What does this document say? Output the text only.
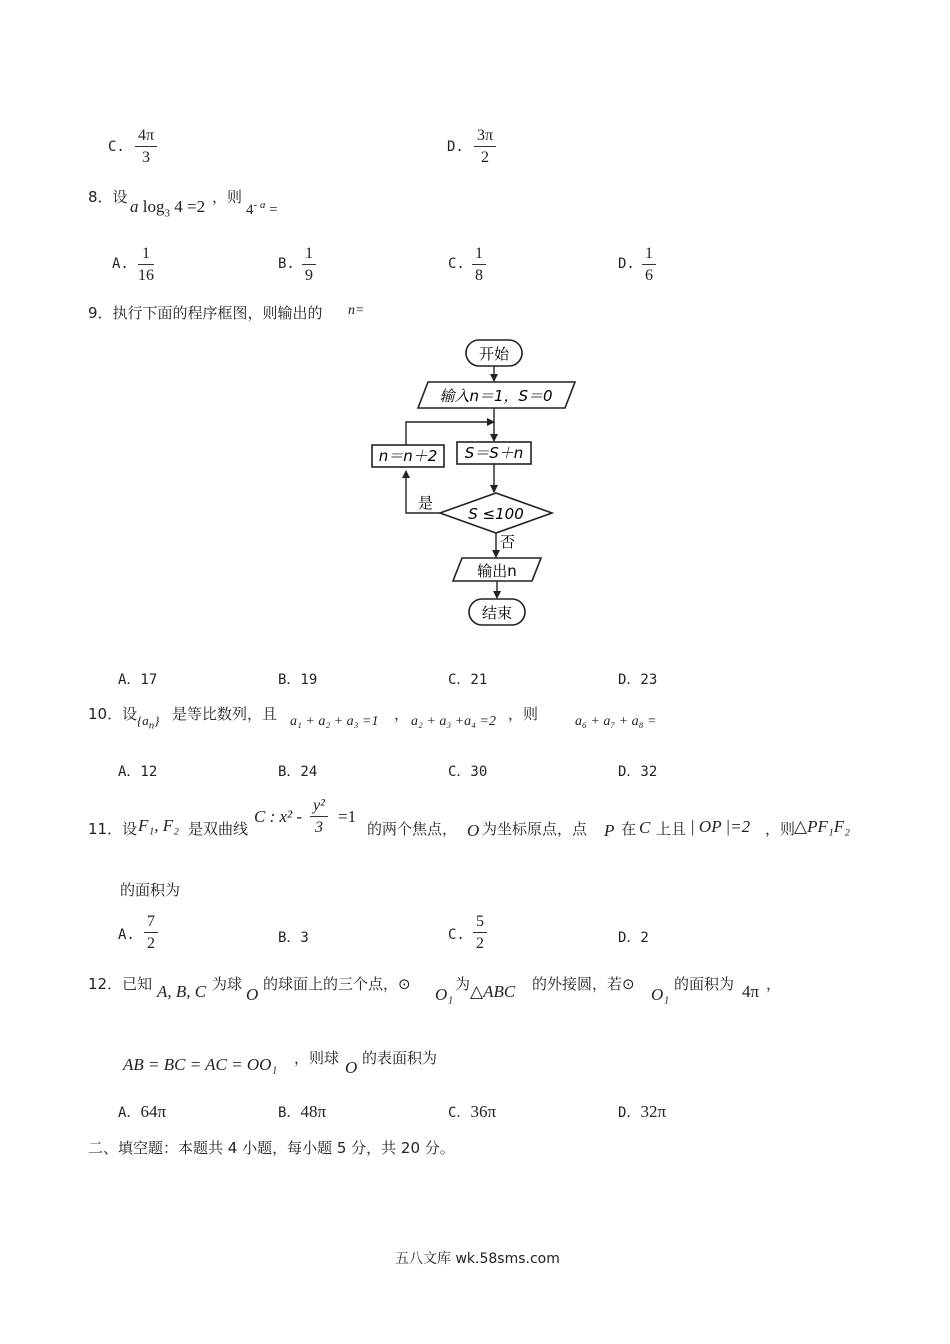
C. $\frac{4\pi}{3}$	D. $\frac{3\pi}{2}$
8．设 a $\log_3 4 =2$ ，则
$4^{- a}$ =
A. $\frac{1}{16}$	B. $\frac{1}{9}$	C. $\frac{1}{8}$	D. $\frac{1}{6}$
9．执行下面的程序框图，则输出的 n=
开始
输入n＝1，S＝0
S＝S＋n
S ≤100
是
n＝n＋2
否
输出n
结束
A．17	B．19	C．21	D．23
10．设 $\{a_n\}$ 是等比数列，且 a₁ + a₂ + a₃ =1 ， a₂ + a₃ +a₄ =2 ，则	a₆ + a₇ + a₈ =
A．12	B．24	C．30	D．32
11．设 F₁, F₂ 是双曲线
C : $x^2 - \frac{\text{y²}}{3} =1$
的两个焦点， O 为坐标原点，点 P 在 C 上且 | OP |=2 ，则
△PF₁F₂
的面积为
A. $\frac{7}{2}$	B．3	C. $\frac{5}{2}$	D．2
12．已知 A, B, C 为球
O
的球面上的三个点，⊙
O₁
为 △ABC 的外接圆，若⊙
O₁
的面积为 4π ，
AB = BC = AC = OO₁ ，则球 O 的表面积为
A．64π	B．48π	C．36π	D．32π
二、填空题：本题共 4 小题，每小题 5 分，共 20 分。
五八文库 wk.58sms.com
